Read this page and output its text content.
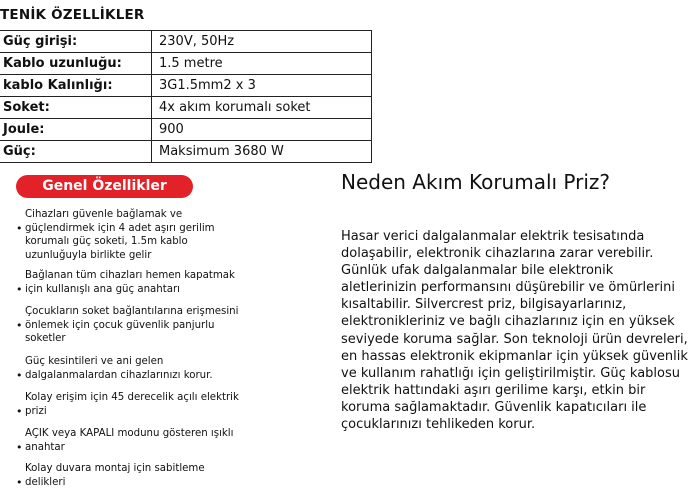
TENİK ÖZELLİKLER
Güç girişi:	230V, 50Hz
Kablo uzunluğu:	1.5 metre
kablo Kalınlığı:	3G1.5mm2 x 3
Soket:	4x akım korumalı soket
Joule:	900
Güç:	Maksimum 3680 W
Genel Özellikler
Cihazları güvenle bağlamak ve
• güçlendirmek için 4 adet aşırı gerilim
korumalı güç soketi, 1.5m kablo
uzunluğuyla birlikte gelir
Bağlanan tüm cihazları hemen kapatmak
• için kullanışlı ana güç anahtarı
Çocukların soket bağlantılarına erişmesini
• önlemek için çocuk güvenlik panjurlu
soketler
Güç kesintileri ve ani gelen
• dalgalanmalardan cihazlarınızı korur.
Kolay erişim için 45 derecelik açılı elektrik
• prizi
AÇIK veya KAPALI modunu gösteren ışıklı
• anahtar
Kolay duvara montaj için sabitleme
• delikleri
Neden Akım Korumalı Priz?

Hasar verici dalgalanmalar elektrik tesisatında dolaşabilir, elektronik cihazlarına zarar verebilir. Günlük ufak dalgalanmalar bile elektronik aletlerinizin performansını düşürebilir ve ömürlerini kısaltabilir. Silvercrest priz, bilgisayarlarınız, elektronikleriniz ve bağlı cihazlarınız için en yüksek seviyede koruma sağlar. Son teknoloji ürün devreleri, en hassas elektronik ekipmanlar için yüksek güvenlik ve kullanım rahatlığı için geliştirilmiştir. Güç kablosu elektrik hattındaki aşırı gerilime karşı, etkin bir koruma sağlamaktadır. Güvenlik kapatıcıları ile çocuklarınızı tehlikeden korur.
